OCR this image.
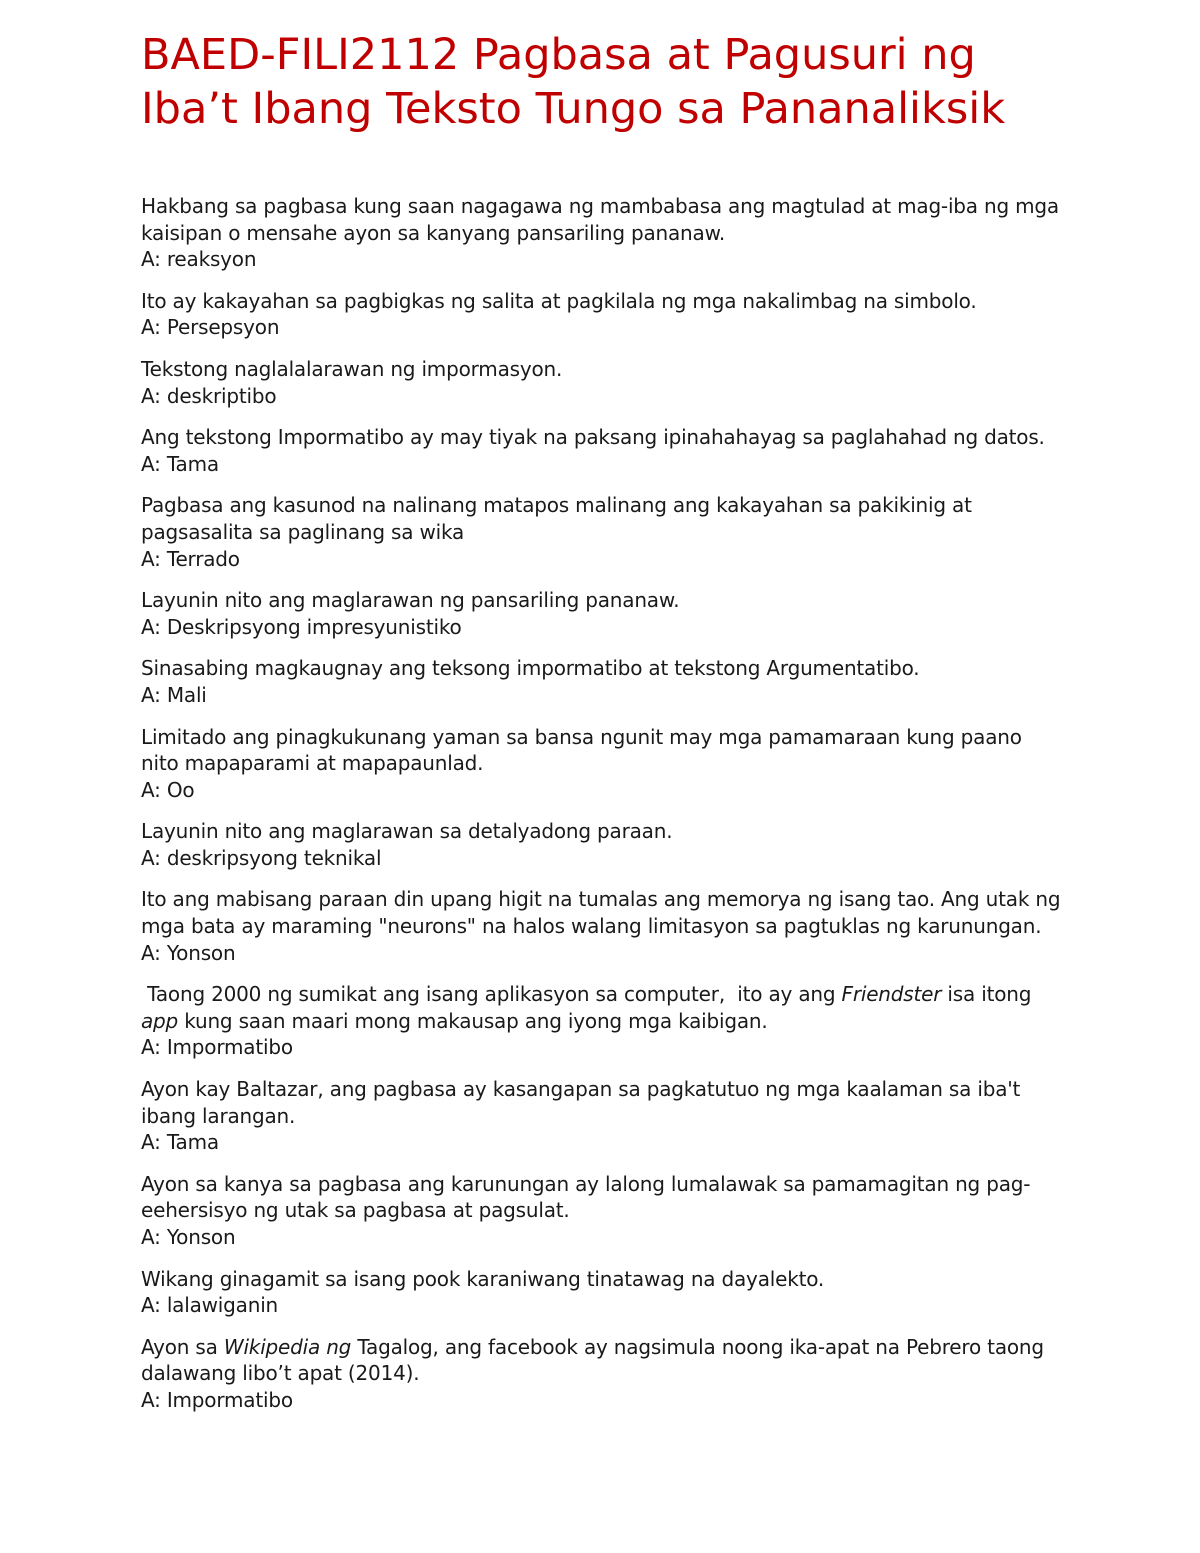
BAED-FILI2112 Pagbasa at Pagusuri ng Iba’t Ibang Teksto Tungo sa Pananaliksik
Hakbang sa pagbasa kung saan nagagawa ng mambabasa ang magtulad at mag-iba ng mga kaisipan o mensahe ayon sa kanyang pansariling pananaw.
A: reaksyon
Ito ay kakayahan sa pagbigkas ng salita at pagkilala ng mga nakalimbag na simbolo.
A: Persepsyon
Tekstong naglalalarawan ng impormasyon.
A: deskriptibo
Ang tekstong Impormatibo ay may tiyak na paksang ipinahahayag sa paglahahad ng datos.
A: Tama
Pagbasa ang kasunod na nalinang matapos malinang ang kakayahan sa pakikinig at pagsasalita sa paglinang sa wika
A: Terrado
Layunin nito ang maglarawan ng pansariling pananaw.
A: Deskripsyong impresyunistiko
Sinasabing magkaugnay ang teksong impormatibo at tekstong Argumentatibo.
A: Mali
Limitado ang pinagkukunang yaman sa bansa ngunit may mga pamamaraan kung paano nito mapaparami at mapapaunlad.
A: Oo
Layunin nito ang maglarawan sa detalyadong paraan.
A: deskripsyong teknikal
Ito ang mabisang paraan din upang higit na tumalas ang memorya ng isang tao. Ang utak ng mga bata ay maraming "neurons" na halos walang limitasyon sa pagtuklas ng karunungan.
A: Yonson
Taong 2000 ng sumikat ang isang aplikasyon sa computer,  ito ay ang Friendster isa itong app kung saan maari mong makausap ang iyong mga kaibigan.
A: Impormatibo
Ayon kay Baltazar, ang pagbasa ay kasangapan sa pagkatutuo ng mga kaalaman sa iba't ibang larangan.
A: Tama
Ayon sa kanya sa pagbasa ang karunungan ay lalong lumalawak sa pamamagitan ng pag-eehersisyo ng utak sa pagbasa at pagsulat.
A: Yonson
Wikang ginagamit sa isang pook karaniwang tinatawag na dayalekto.
A: lalawiganin
Ayon sa Wikipedia ng Tagalog, ang facebook ay nagsimula noong ika-apat na Pebrero taong dalawang libo’t apat (2014).
A: Impormatibo
